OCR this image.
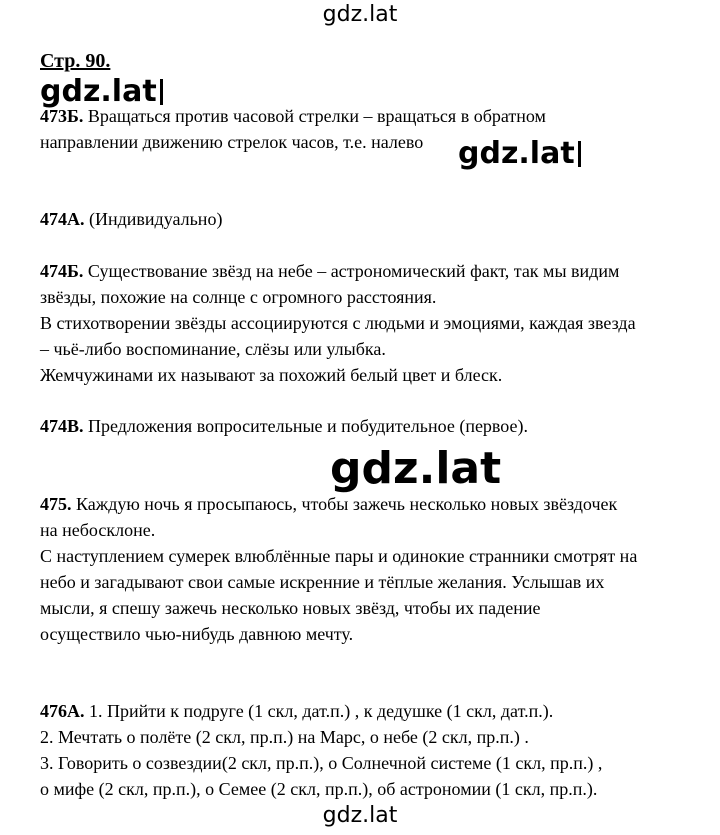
gdz.lat
Стр. 90.
gdz.lat
473Б. Вращаться против часовой стрелки – вращаться в обратном
направлении движению стрелок часов, т.е. налево	gdz.lat
474А. (Индивидуально)
474Б. Существование звёзд на небе – астрономический факт, так мы видим
звёзды, похожие на солнце с огромного расстояния.
В стихотворении звёзды ассоциируются с людьми и эмоциями, каждая звезда
– чьё-либо воспоминание, слёзы или улыбка.
Жемчужинами их называют за похожий белый цвет и блеск.
474В. Предложения вопросительные и побудительное (первое).
gdz.lat
475. Каждую ночь я просыпаюсь, чтобы зажечь несколько новых звёздочек
на небосклоне.
С наступлением сумерек влюблённые пары и одинокие странники смотрят на
небо и загадывают свои самые искренние и тёплые желания. Услышав их
мысли, я спешу зажечь несколько новых звёзд, чтобы их падение
осуществило чью-нибудь давнюю мечту.
476А. 1. Прийти к подруге (1 скл, дат.п.) , к дедушке (1 скл, дат.п.).
2. Мечтать о полёте (2 скл, пр.п.) на Марс, о небе (2 скл, пр.п.) .
3. Говорить о созвездии(2 скл, пр.п.), о Солнечной системе (1 скл, пр.п.) ,
о мифе (2 скл, пр.п.), о Семее (2 скл, пр.п.), об астрономии (1 скл, пр.п.).
gdz.lat
